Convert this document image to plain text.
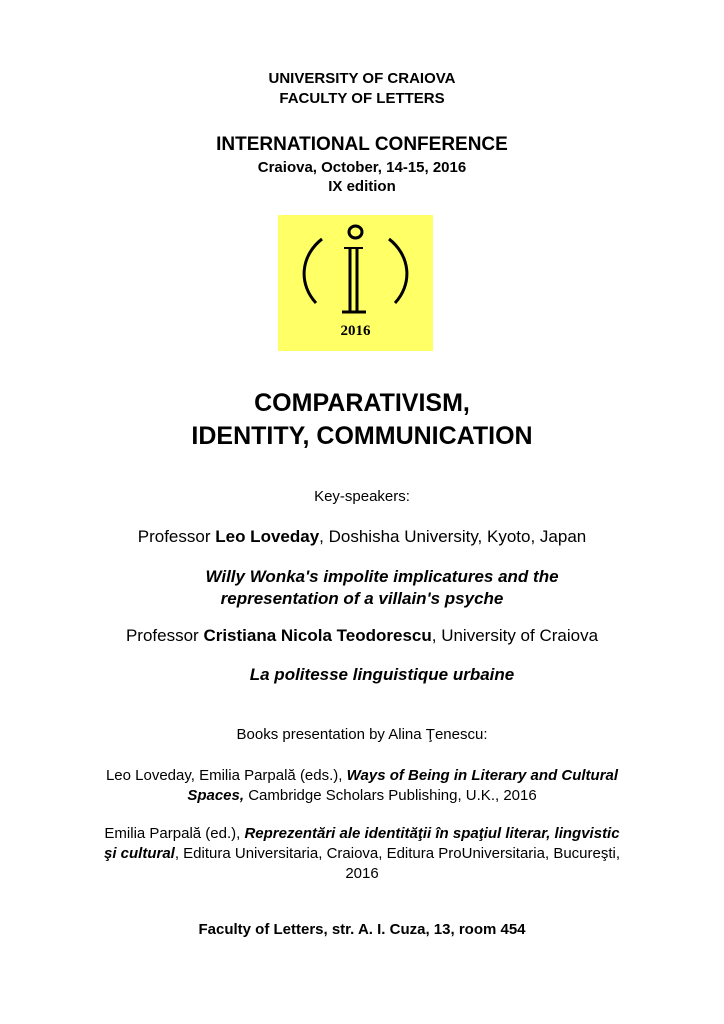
UNIVERSITY OF CRAIOVA
FACULTY OF LETTERS
INTERNATIONAL CONFERENCE
Craiova, October, 14-15, 2016
IX edition
2016
COMPARATIVISM,
IDENTITY, COMMUNICATION
Key-speakers:
Professor Leo Loveday, Doshisha University, Kyoto, Japan
Willy Wonka's impolite implicatures and the
representation of a villain's psyche
Professor Cristiana Nicola Teodorescu, University of Craiova
La politesse linguistique urbaine
Books presentation by Alina Ţenescu:
Leo Loveday, Emilia Parpală (eds.), Ways of Being in Literary and Cultural
Spaces, Cambridge Scholars Publishing, U.K., 2016
Emilia Parpală (ed.), Reprezentări ale identităţii în spaţiul literar, lingvistic
şi cultural, Editura Universitaria, Craiova, Editura ProUniversitaria, Bucureşti,
2016
Faculty of Letters, str. A. I. Cuza, 13, room 454
